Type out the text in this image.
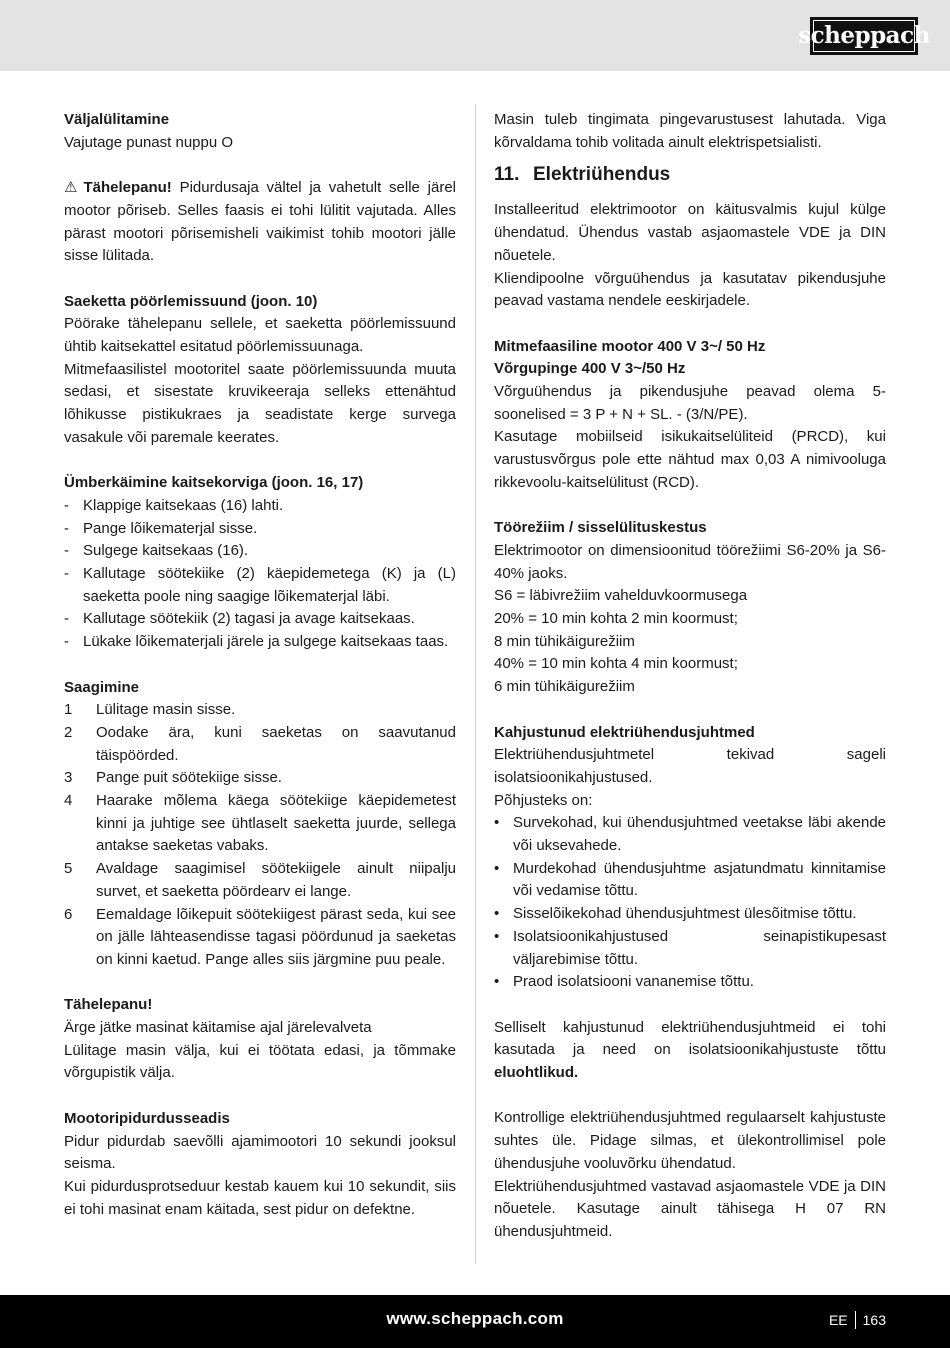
scheppach

Väljalülitamine

Vajutage punast nuppu O

⚠ Tähelepanu! Pidurdusaja vältel ja vahetult selle järel mootor põriseb. Selles faasis ei tohi lülitit vajutada. Alles pärast mootori põrisemisheli vaikimist tohib mootori jälle sisse lülitada.

Saeketta pöörlemissuund (joon. 10)

Pöörake tähelepanu sellele, et saeketta pöörlemissuund ühtib kaitsekattel esitatud pöörlemissuunaga.

Mitmefaasilistel mootoritel saate pöörlemissuunda muuta sedasi, et sisestate kruvikeeraja selleks ettenähtud lõhikusse pistikukraes ja seadistate kerge survega vasakule või paremale keerates.

Ümberkäimine kaitsekorviga (joon. 16, 17)

- Klappige kaitsekaas (16) lahti.
- Pange lõikematerjal sisse.
- Sulgege kaitsekaas (16).
- Kallutage söötekiike (2) käepidemetega (K) ja (L) saeketta poole ning saagige lõikematerjal läbi.
- Kallutage söötekiik (2) tagasi ja avage kaitsekaas.
- Lükake lõikematerjali järele ja sulgege kaitsekaas taas.

Saagimine

1 Lülitage masin sisse.
2 Oodake ära, kuni saeketas on saavutanud täispöörded.
3 Pange puit söötekiige sisse.
4 Haarake mõlema käega söötekiige käepidemetest kinni ja juhtige see ühtlaselt saeketta juurde, sellega antakse saeketas vabaks.
5 Avaldage saagimisel söötekiigele ainult niipalju survet, et saeketta pöördearv ei lange.
6 Eemaldage lõikepuit söötekiigest pärast seda, kui see on jälle lähteasendisse tagasi pöördunud ja saeketas on kinni kaetud. Pange alles siis järgmine puu peale.

Tähelepanu!

Ärge jätke masinat käitamise ajal järelevalveta

Lülitage masin välja, kui ei töötata edasi, ja tõmmake võrgupistik välja.

Mootoripidurdusseadis

Pidur pidurdab saevõlli ajamimootori 10 sekundi jooksul seisma.

Kui pidurdusprotseduur kestab kauem kui 10 sekundit, siis ei tohi masinat enam käitada, sest pidur on defektne.

Masin tuleb tingimata pingevarustusest lahutada. Viga kõrvaldama tohib volitada ainult elektrispetsialisti.

11. Elektriühendus

Installeeritud elektrimootor on käitusvalmis kujul külge ühendatud. Ühendus vastab asjaomastele VDE ja DIN nõuetele.

Kliendipoolne võrguühendus ja kasutatav pikendusjuhe peavad vastama nendele eeskirjadele.

Mitmefaasiline mootor 400 V 3~/ 50 Hz

Võrgupinge 400 V 3~/50 Hz

Võrguühendus ja pikendusjuhe peavad olema 5-soonelised = 3 P + N + SL. - (3/N/PE).

Kasutage mobiilseid isikukaitselüliteid (PRCD), kui varustusvõrgus pole ette nähtud max 0,03 A nimivooluga rikkevoolu-kaitselülitust (RCD).

Töörežiim / sisselülituskestus

Elektrimootor on dimensioonitud töörežiimi S6-20% ja S6-40% jaoks.

S6 = läbivrežiim vahelduvkoormusega

20% = 10 min kohta 2 min koormust;

8 min tühikäigurežiim

40% = 10 min kohta 4 min koormust;

6 min tühikäigurežiim

Kahjustunud elektriühendusjuhtmed

Elektriühendusjuhtmetel tekivad sageli isolatsioonikahjustused.

Põhjusteks on:

• Survekohad, kui ühendusjuhtmed veetakse läbi akende või uksevahede.
• Murdekohad ühendusjuhtme asjatundmatu kinnitamise või vedamise tõttu.
• Sisselõikekohad ühendusjuhtmest ülesõitmise tõttu.
• Isolatsioonikahjustused seinapistikupesast väljarebimise tõttu.
• Praod isolatsiooni vananemise tõttu.

Selliselt kahjustunud elektriühendusjuhtmeid ei tohi kasutada ja need on isolatsioonikahjustuste tõttu eluohtlikud.

Kontrollige elektriühendusjuhtmed regulaarselt kahjustuste suhtes üle. Pidage silmas, et ülekontrollimisel pole ühendusjuhe vooluvõrku ühendatud.

Elektriühendusjuhtmed vastavad asjaomastele VDE ja DIN nõuetele. Kasutage ainult tähisega H 07 RN ühendusjuhtmeid.

www.scheppach.com	EE 163
